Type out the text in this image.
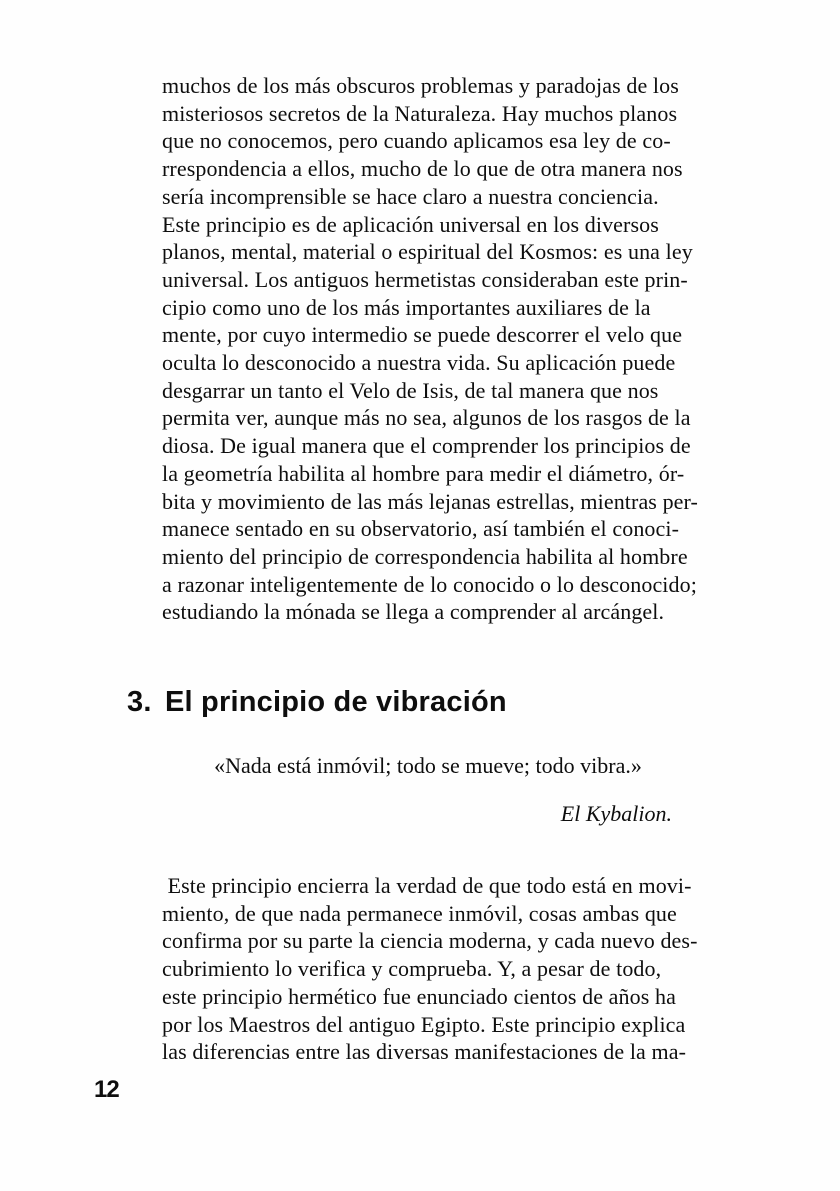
muchos de los más obscuros problemas y paradojas de los
misteriosos secretos de la Naturaleza. Hay muchos planos
que no conocemos, pero cuando aplicamos esa ley de co-
rrespondencia a ellos, mucho de lo que de otra manera nos
sería incomprensible se hace claro a nuestra conciencia.
Este principio es de aplicación universal en los diversos
planos, mental, material o espiritual del Kosmos: es una ley
universal. Los antiguos hermetistas consideraban este prin-
cipio como uno de los más importantes auxiliares de la
mente, por cuyo intermedio se puede descorrer el velo que
oculta lo desconocido a nuestra vida. Su aplicación puede
desgarrar un tanto el Velo de Isis, de tal manera que nos
permita ver, aunque más no sea, algunos de los rasgos de la
diosa. De igual manera que el comprender los principios de
la geometría habilita al hombre para medir el diámetro, ór-
bita y movimiento de las más lejanas estrellas, mientras per-
manece sentado en su observatorio, así también el conoci-
miento del principio de correspondencia habilita al hombre
a razonar inteligentemente de lo conocido o lo desconocido;
estudiando la mónada se llega a comprender al arcángel.
3. El principio de vibración
«Nada está inmóvil; todo se mueve; todo vibra.»
El Kybalion.
Este principio encierra la verdad de que todo está en movi-
miento, de que nada permanece inmóvil, cosas ambas que
confirma por su parte la ciencia moderna, y cada nuevo des-
cubrimiento lo verifica y comprueba. Y, a pesar de todo,
este principio hermético fue enunciado cientos de años ha
por los Maestros del antiguo Egipto. Este principio explica
las diferencias entre las diversas manifestaciones de la ma-
12
